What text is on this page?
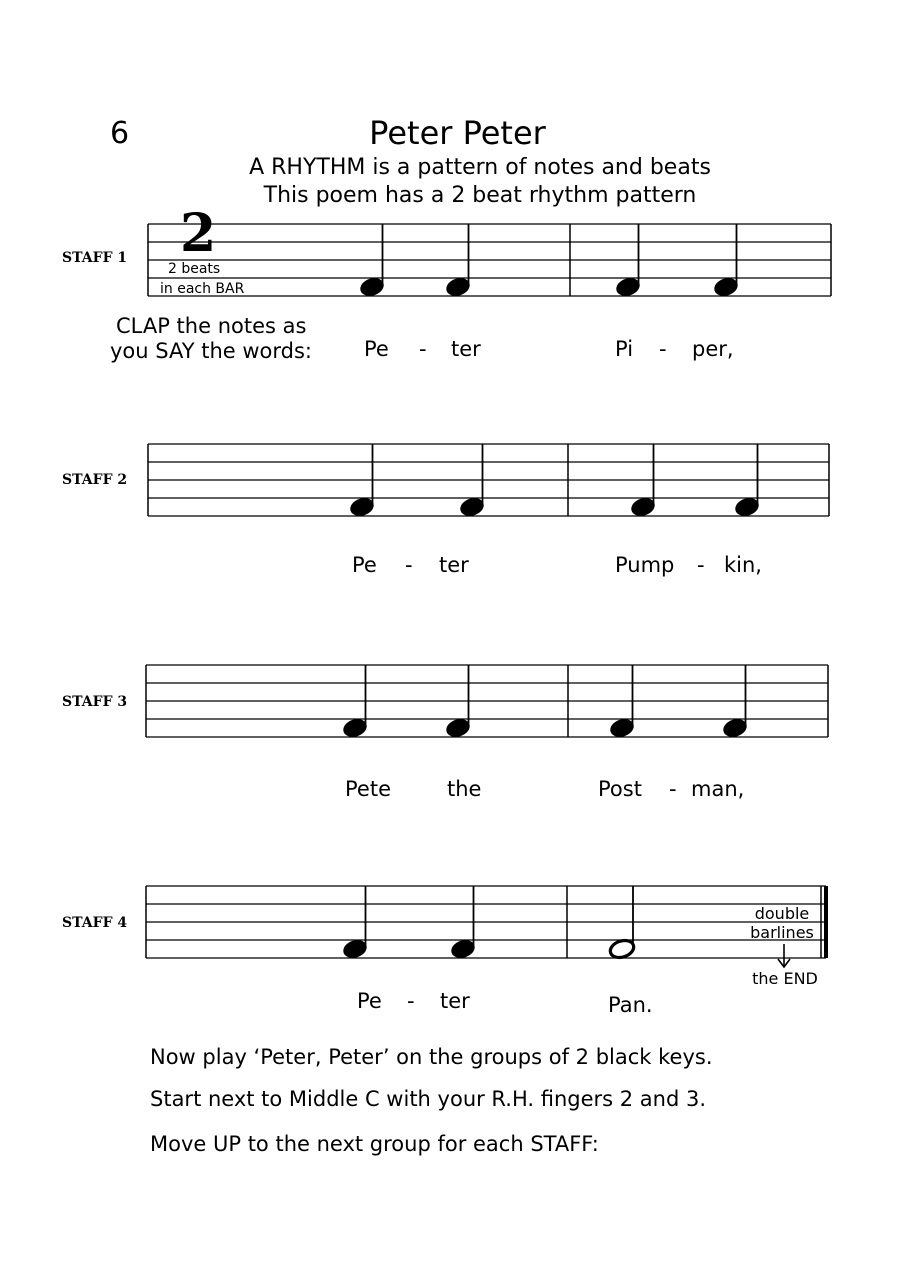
6	Peter Peter
A RHYTHM is a pattern of notes and beats
This poem has a 2 beat rhythm pattern
STAFF 1
STAFF 2
STAFF 3
STAFF 4
2
2 beats
in each BAR
CLAP the notes as
you SAY the words: Pe - ter	Pi - per,
Pe - ter	Pump - kin,
Pete	the	Post - man,
Pe - ter	Pan.
double
barlines
the END
Now play ‘Peter, Peter’ on the groups of 2 black keys.
Start next to Middle C with your R.H. fingers 2 and 3.
Move UP to the next group for each STAFF:
